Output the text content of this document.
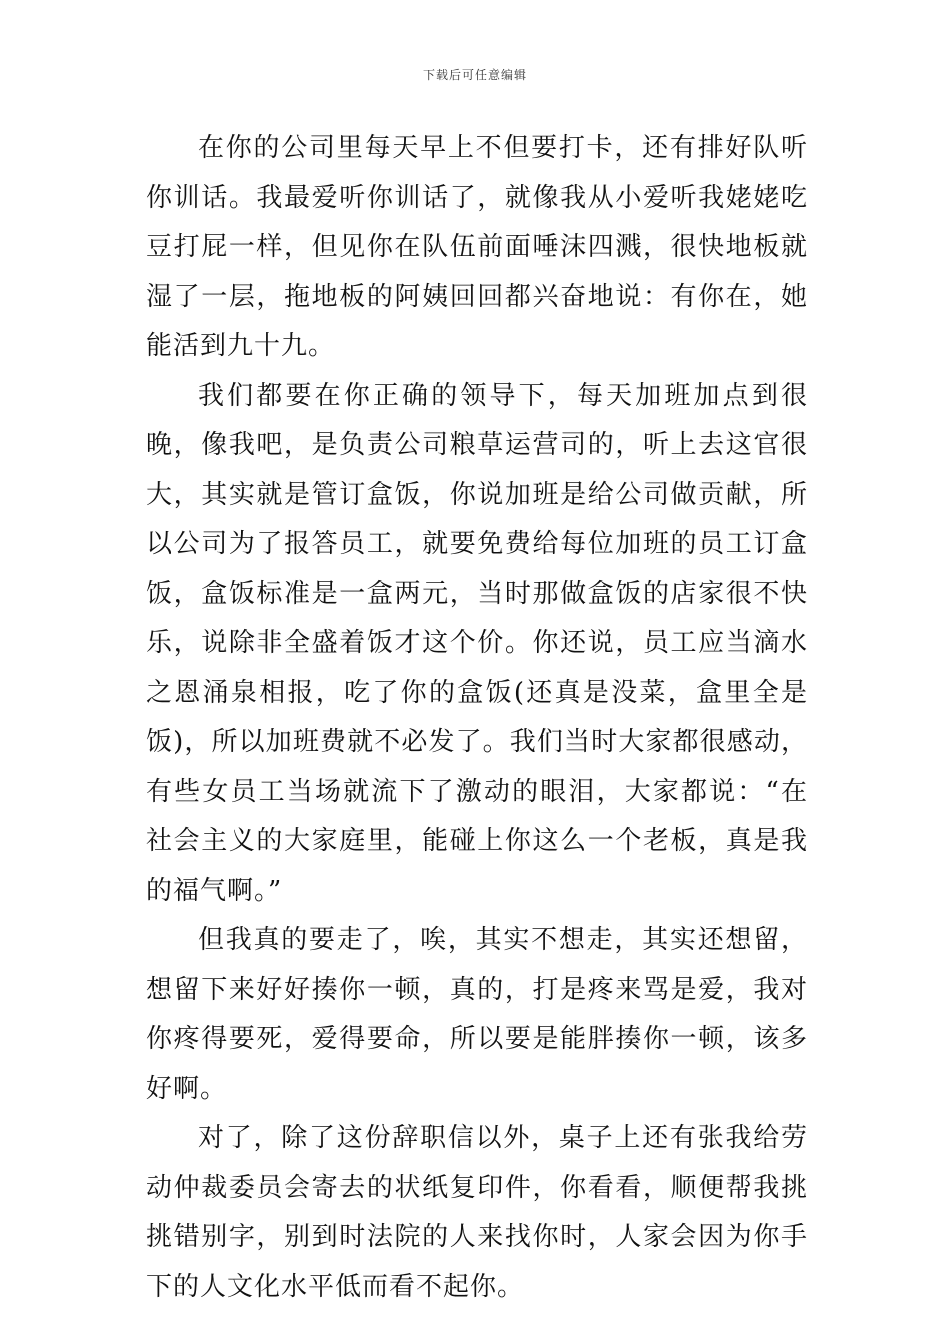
下载后可任意编辑

在你的公司里每天早上不但要打卡，还有排好队听你训话。我最爱听你训话了，就像我从小爱听我姥姥吃豆打屁一样，但见你在队伍前面唾沫四溅，很快地板就湿了一层，拖地板的阿姨回回都兴奋地说：有你在，她能活到九十九。

我们都要在你正确的领导下，每天加班加点到很晚，像我吧，是负责公司粮草运营司的，听上去这官很大，其实就是管订盒饭，你说加班是给公司做贡献，所以公司为了报答员工，就要免费给每位加班的员工订盒饭，盒饭标准是一盒两元，当时那做盒饭的店家很不快乐，说除非全盛着饭才这个价。你还说，员工应当滴水之恩涌泉相报，吃了你的盒饭(还真是没菜，盒里全是饭)，所以加班费就不必发了。我们当时大家都很感动，有些女员工当场就流下了激动的眼泪，大家都说：“在社会主义的大家庭里，能碰上你这么一个老板，真是我的福气啊。”

但我真的要走了，唉，其实不想走，其实还想留，想留下来好好揍你一顿，真的，打是疼来骂是爱，我对你疼得要死，爱得要命，所以要是能胖揍你一顿，该多好啊。

对了，除了这份辞职信以外，桌子上还有张我给劳动仲裁委员会寄去的状纸复印件，你看看，顺便帮我挑挑错别字，别到时法院的人来找你时，人家会因为你手下的人文化水平低而看不起你。
